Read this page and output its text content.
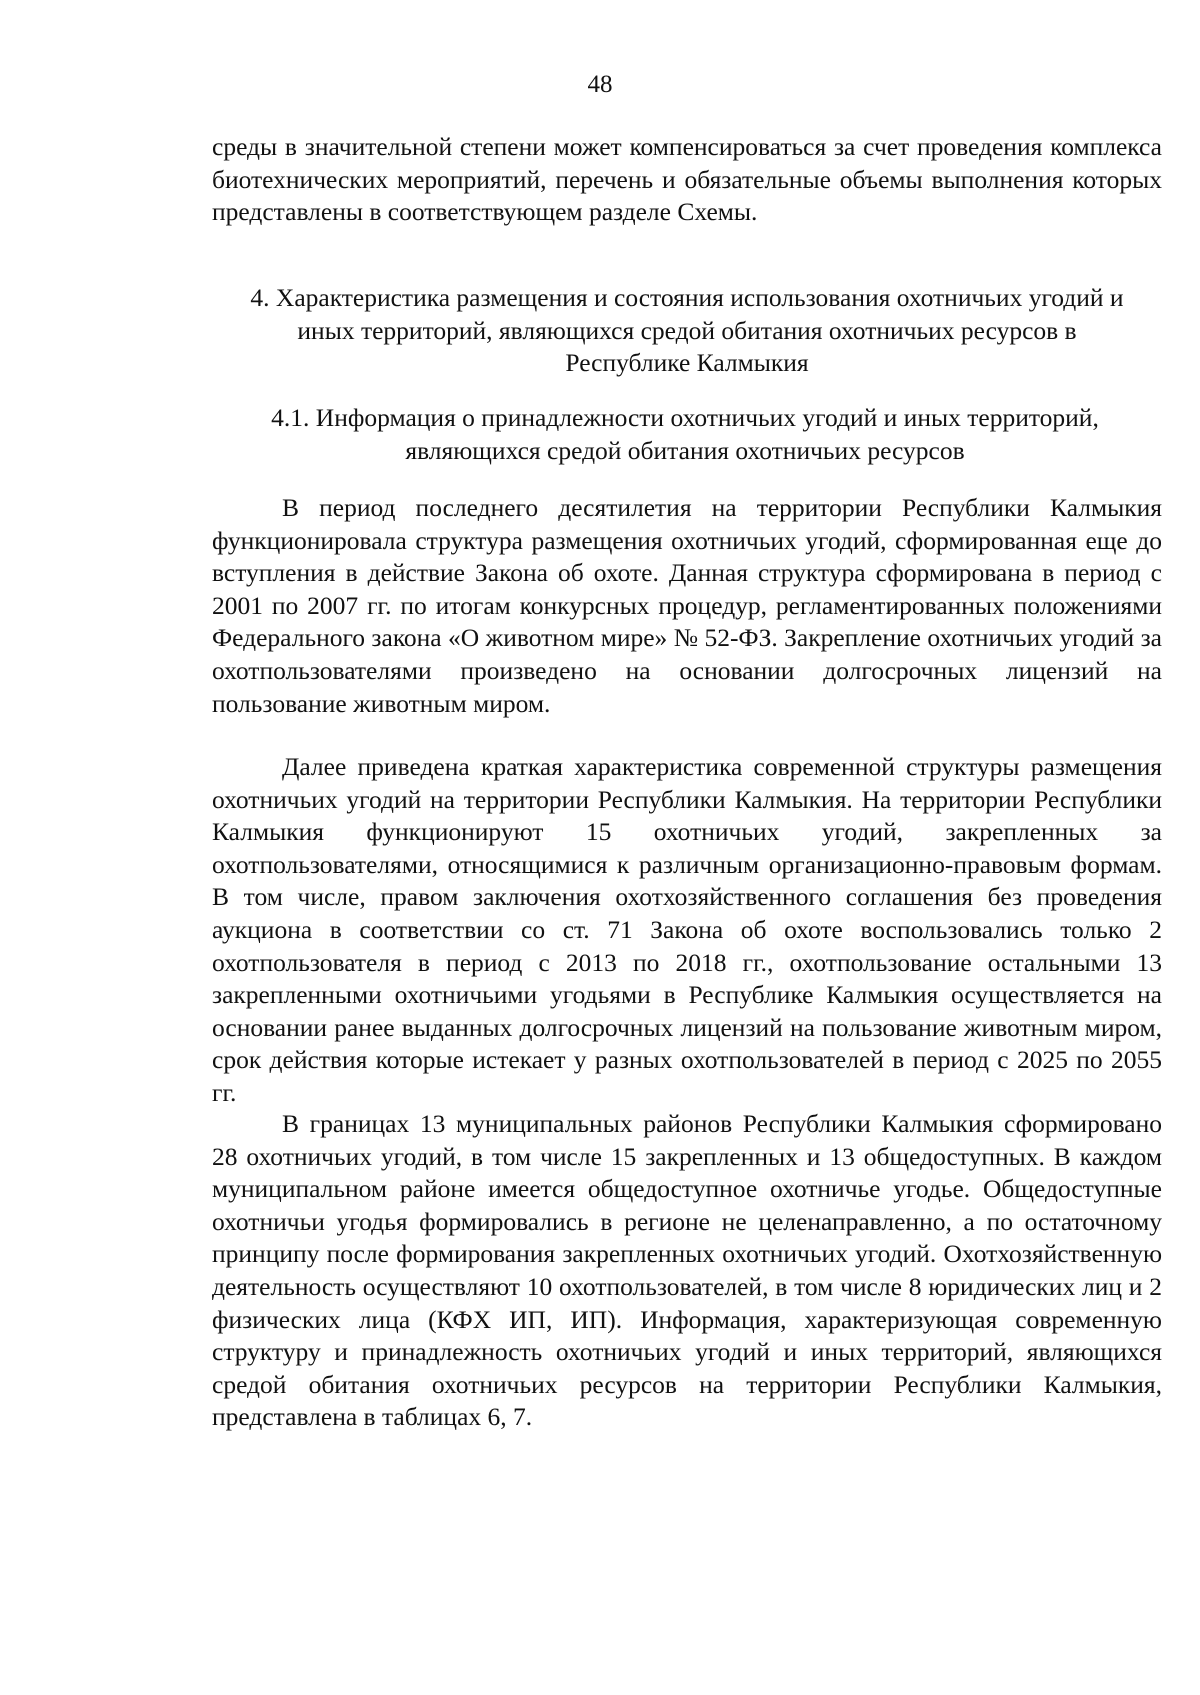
48

среды в значительной степени может компенсироваться за счет проведения комплекса биотехнических мероприятий, перечень и обязательные объемы выполнения которых представлены в соответствующем разделе Схемы.

4. Характеристика размещения и состояния использования охотничьих угодий и иных территорий, являющихся средой обитания охотничьих ресурсов в Республике Калмыкия

4.1. Информация о принадлежности охотничьих угодий и иных территорий, являющихся средой обитания охотничьих ресурсов

В период последнего десятилетия на территории Республики Калмыкия функционировала структура размещения охотничьих угодий, сформированная еще до вступления в действие Закона об охоте. Данная структура сформирована в период с 2001 по 2007 гг. по итогам конкурсных процедур, регламентированных положениями Федерального закона «О животном мире» № 52-ФЗ. Закрепление охотничьих угодий за охотпользователями произведено на основании долгосрочных лицензий на пользование животным миром.

Далее приведена краткая характеристика современной структуры размещения охотничьих угодий на территории Республики Калмыкия. На территории Республики Калмыкия функционируют 15 охотничьих угодий, закрепленных за охотпользователями, относящимися к различным организационно-правовым формам. В том числе, правом заключения охотхозяйственного соглашения без проведения аукциона в соответствии со ст. 71 Закона об охоте воспользовались только 2 охотпользователя в период с 2013 по 2018 гг., охотпользование остальными 13 закрепленными охотничьими угодьями в Республике Калмыкия осуществляется на основании ранее выданных долгосрочных лицензий на пользование животным миром, срок действия которые истекает у разных охотпользователей в период с 2025 по 2055 гг.

В границах 13 муниципальных районов Республики Калмыкия сформировано 28 охотничьих угодий, в том числе 15 закрепленных и 13 общедоступных. В каждом муниципальном районе имеется общедоступное охотничье угодье. Общедоступные охотничьи угодья формировались в регионе не целенаправленно, а по остаточному принципу после формирования закрепленных охотничьих угодий. Охотхозяйственную деятельность осуществляют 10 охотпользователей, в том числе 8 юридических лиц и 2 физических лица (КФХ ИП, ИП). Информация, характеризующая современную структуру и принадлежность охотничьих угодий и иных территорий, являющихся средой обитания охотничьих ресурсов на территории Республики Калмыкия, представлена в таблицах 6, 7.
